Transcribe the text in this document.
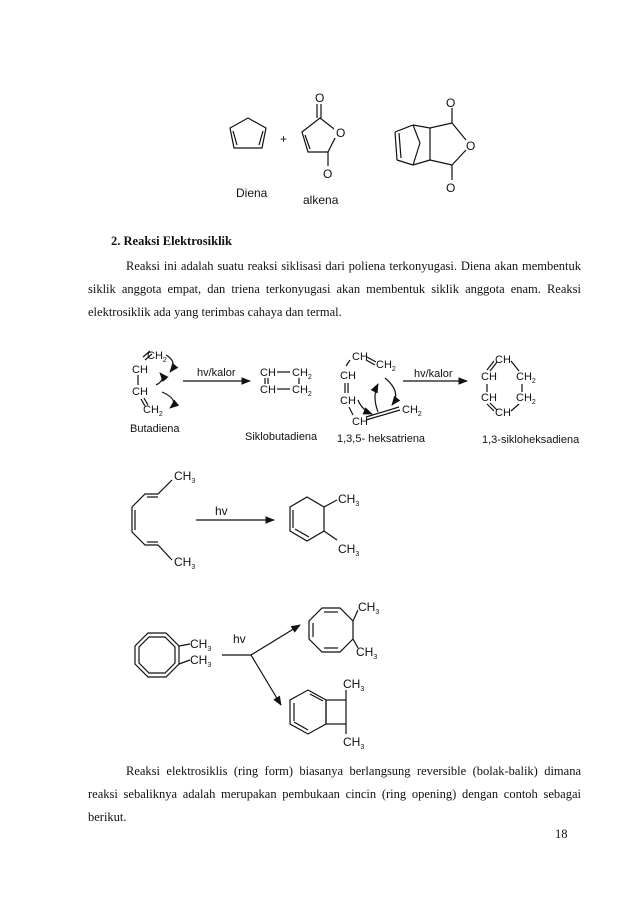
+
O
O
O
O
O
O
Diena	alkena
$CH_2$
CH
CH
$CH_2$
Butadiena
hv/kalor CH $CH_2$
CH $CH_2$
Siklobutadiena
CH
$CH_2$
CH
CH
$CH_2$
CH
1,3,5- heksatriena
hv/kalor
CH
CH $CH_2$
CH $CH_2$
CH
1,3-sikloheksadiena
$CH_3$
$CH_3$
hv
$CH_3$
$CH_3$
$CH_3$
$CH_3$
hv
$CH_3$
$CH_3$
$CH_3$
$CH_3$
2. Reaksi Elektrosiklik
Reaksi ini adalah suatu reaksi siklisasi dari poliena terkonyugasi. Diena akan membentuk siklik anggota empat, dan triena terkonyugasi akan membentuk siklik anggota enam. Reaksi elektrosiklik ada yang terimbas cahaya dan termal.
Reaksi elektrosiklis (ring form) biasanya berlangsung reversible (bolak-balik) dimana reaksi sebaliknya adalah merupakan pembukaan cincin (ring opening) dengan contoh sebagai berikut.
18
